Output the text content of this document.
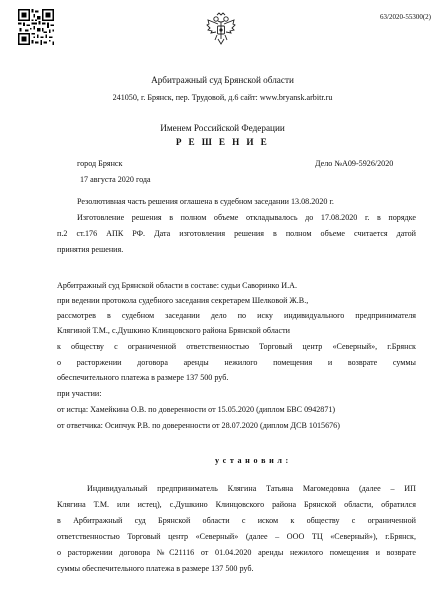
63/2020-55300(2)
Арбитражный суд Брянской области
241050, г. Брянск, пер. Трудовой, д.6 сайт: www.bryansk.arbitr.ru
Именем Российской Федерации
Р Е Ш Е Н И Е
город Брянск	Дело №А09-5926/2020
17 августа 2020 года
Резолютивная часть решения оглашена в судебном заседании 13.08.2020 г.
Изготовление решения в полном объеме откладывалось до 17.08.2020 г. в порядке
п.2 ст.176 АПК РФ. Дата изготовления решения в полном объеме считается датой
принятия решения.
Арбитражный суд Брянской области в составе: судьи Саворинко И.А.
при ведении протокола судебного заседания секретарем Шелковой Ж.В.,
рассмотрев в судебном заседании дело по иску индивидуального предпринимателя
Клягиной Т.М., с.Душкино Клинцовского района Брянской области
к обществу с ограниченной ответственностью Торговый центр «Северный», г.Брянск
о расторжении договора аренды нежилого помещения и возврате суммы
обеспечительного платежа в размере 137 500 руб.
при участии:
от истца: Хамейкина О.В. по доверенности от 15.05.2020 (диплом БВС 0942871)
от ответчика: Осипчук Р.В. по доверенности от 28.07.2020 (диплом ДСВ 1015676)
у с т а н о в и л :
Индивидуальный предприниматель Клягина Татьяна Магомедовна (далее – ИП
Клягина Т.М. или истец), с.Душкино Клинцовского района Брянской области, обратился
в Арбитражный суд Брянской области с иском к обществу с ограниченной
ответственностью Торговый центр «Северный» (далее – ООО ТЦ «Северный»), г.Брянск,
о расторжении договора №С21116 от 01.04.2020 аренды нежилого помещения и возврате
суммы обеспечительного платежа в размере 137 500 руб.
